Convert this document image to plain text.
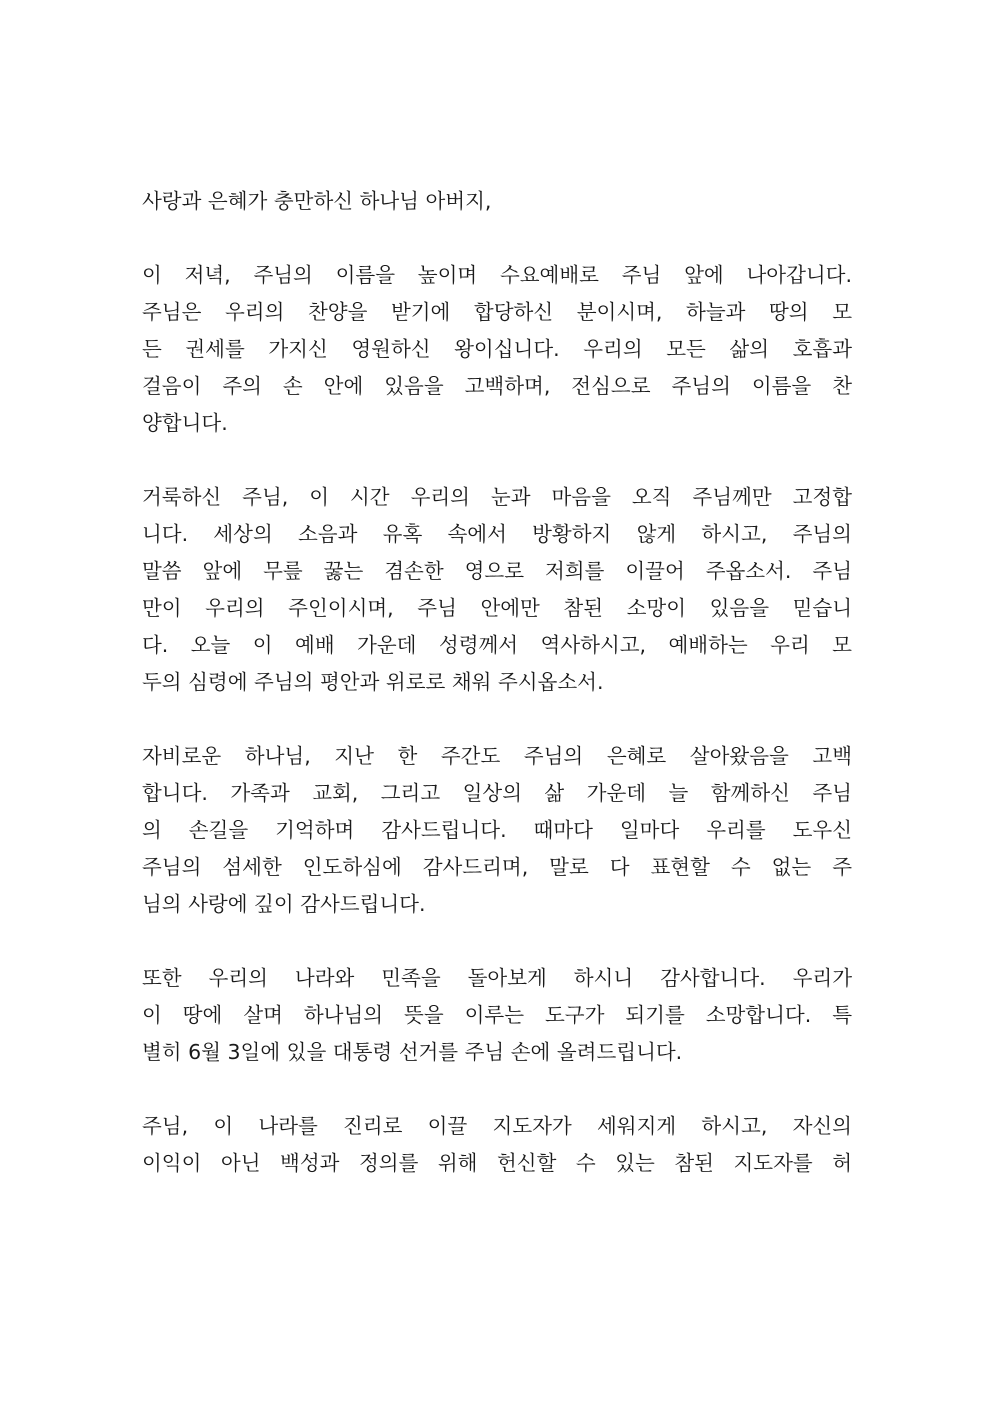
사랑과 은혜가 충만하신 하나님 아버지,
이 저녁, 주님의 이름을 높이며 수요예배로 주님 앞에 나아갑니다.
주님은 우리의 찬양을 받기에 합당하신 분이시며, 하늘과 땅의 모
든 권세를 가지신 영원하신 왕이십니다. 우리의 모든 삶의 호흡과
걸음이 주의 손 안에 있음을 고백하며, 전심으로 주님의 이름을 찬
양합니다.
거룩하신 주님, 이 시간 우리의 눈과 마음을 오직 주님께만 고정합
니다. 세상의 소음과 유혹 속에서 방황하지 않게 하시고, 주님의
말씀 앞에 무릎 꿇는 겸손한 영으로 저희를 이끌어 주옵소서. 주님
만이 우리의 주인이시며, 주님 안에만 참된 소망이 있음을 믿습니
다. 오늘 이 예배 가운데 성령께서 역사하시고, 예배하는 우리 모
두의 심령에 주님의 평안과 위로로 채워 주시옵소서.
자비로운 하나님, 지난 한 주간도 주님의 은혜로 살아왔음을 고백
합니다. 가족과 교회, 그리고 일상의 삶 가운데 늘 함께하신 주님
의 손길을 기억하며 감사드립니다. 때마다 일마다 우리를 도우신
주님의 섬세한 인도하심에 감사드리며, 말로 다 표현할 수 없는 주
님의 사랑에 깊이 감사드립니다.
또한 우리의 나라와 민족을 돌아보게 하시니 감사합니다. 우리가
이 땅에 살며 하나님의 뜻을 이루는 도구가 되기를 소망합니다. 특
별히 6월 3일에 있을 대통령 선거를 주님 손에 올려드립니다.
주님, 이 나라를 진리로 이끌 지도자가 세워지게 하시고, 자신의
이익이 아닌 백성과 정의를 위해 헌신할 수 있는 참된 지도자를 허
